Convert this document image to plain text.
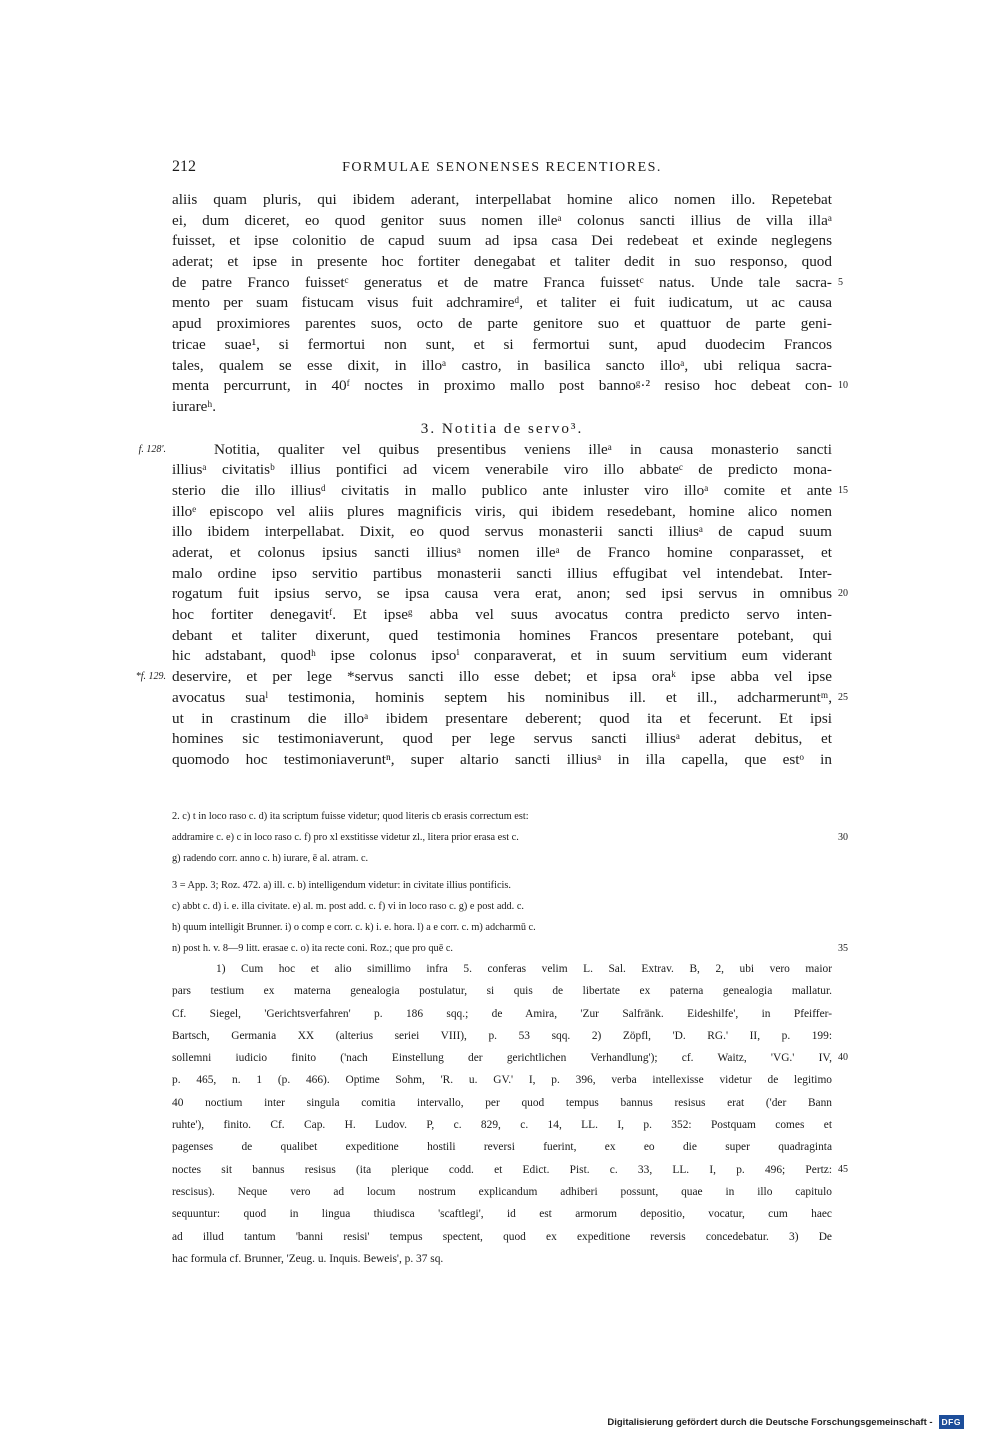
212	FORMULAE SENONENSES RECENTIORES.
aliis quam pluris, qui ibidem aderant, interpellabat homine alico nomen illo. Repetebat
ei, dum diceret, eo quod genitor suus nomen illeᵃ colonus sancti illius de villa illaᵃ
fuisset, et ipse colonitio de capud suum ad ipsa casa Dei redebeat et exinde neglegens
aderat; et ipse in presente hoc fortiter denegabat et taliter dedit in suo responso, quod
de patre Franco fuissetᶜ generatus et de matre Franca fuissetᶜ natus. Unde tale sacra- 5
mento per suam fistucam visus fuit adchramireᵈ, et taliter ei fuit iudicatum, ut ac causa
apud proximiores parentes suos, octo de parte genitore suo et quattuor de parte geni-
tricae suae¹, si fermortui non sunt, et si fermortui sunt, apud duodecim Francos
tales, qualem se esse dixit, in illoᵃ castro, in basilica sancto illoᵃ, ubi reliqua sacra-
menta percurrunt, in 40ᶠ noctes in proximo mallo post bannoᵍ·² resiso hoc debeat con- 10
iurareʰ.
3. Notitia de servo³.
Notitia, qualiter vel quibus presentibus veniens illeᵃ in causa monasterio sancti
f. 128'.
illiusᵃ civitatisᵇ illius pontifici ad vicem venerabile viro illo abbateᶜ de predicto mona-
sterio die illo illiusᵈ civitatis in mallo publico ante inluster viro illoᵃ comite et ante 15
illoᵉ episcopo vel aliis plures magnificis viris, qui ibidem resedebant, homine alico nomen
illo ibidem interpellabat. Dixit, eo quod servus monasterii sancti illiusᵃ de capud suum
aderat, et colonus ipsius sancti illiusᵃ nomen illeᵃ de Franco homine conparasset, et
malo ordine ipso servitio partibus monasterii sancti illius effugibat vel intendebat. Inter-
rogatum fuit ipsius servo, se ipsa causa vera erat, anon; sed ipsi servus in omnibus 20
hoc fortiter denegavitᶠ. Et ipseᵍ abba vel suus avocatus contra predicto servo inten-
debant et taliter dixerunt, qued testimonia homines Francos presentare potebant, qui
hic adstabant, quodʰ ipse colonus ipsoⁱ conparaverat, et in suum servitium eum viderant
deservire, et per lege *servus sancti illo esse debet; et ipsa oraᵏ ipse abba vel ipse
*f. 129.
avocatus suaˡ testimonia, hominis septem his nominibus ill. et ill., adcharmeruntᵐ, 25
ut in crastinum die illoᵃ ibidem presentare deberent; quod ita et fecerunt. Et ipsi
homines sic testimoniaverunt, quod per lege servus sancti illiusᵃ aderat debitus, et
quomodo hoc testimoniaveruntⁿ, super altario sancti illiusᵃ in illa capella, que estᵒ in
2. c) t in loco raso c. d) ita scriptum fuisse videtur; quod literis cb erasis correctum est:
addramire c. e) c in loco raso c. f) pro xl exstitisse videtur zl., litera prior erasa est c.	30
g) radendo corr. anno c. h) iurare, ē al. atram. c.
3 = App. 3; Roz. 472. a) ill. c. b) intelligendum videtur: in civitate illius pontificis.
c) abbt c. d) i. e. illa civitate. e) al. m. post add. c. f) vi in loco raso c. g) e post add. c.
h) quum intelligit Brunner. i) o comp e corr. c. k) i. e. hora. l) a e corr. c. m) adcharmū c.
n) post h. v. 8—9 litt. erasae c. o) ita recte coni. Roz.; que pro quē c.	35
1) Cum hoc et alio simillimo infra 5. conferas velim L. Sal. Extrav. B, 2, ubi vero maior
pars testium ex materna genealogia postulatur, si quis de libertate ex paterna genealogia mallatur.
Cf. Siegel, 'Gerichtsverfahren' p. 186 sqq.; de Amira, 'Zur Salfränk. Eideshilfe', in Pfeiffer-
Bartsch, Germania XX (alterius seriei VIII), p. 53 sqq. 2) Zöpfl, 'D. RG.' II, p. 199:
sollemni iudicio finito ('nach Einstellung der gerichtlichen Verhandlung'); cf. Waitz, 'VG.' IV, 40
p. 465, n. 1 (p. 466). Optime Sohm, 'R. u. GV.' I, p. 396, verba intellexisse videtur de legitimo
40 noctium inter singula comitia intervallo, per quod tempus bannus resisus erat ('der Bann
ruhte'), finito. Cf. Cap. H. Ludov. P, c. 829, c. 14, LL. I, p. 352: Postquam comes et
pagenses de qualibet expeditione hostili reversi fuerint, ex eo die super quadraginta
noctes sit bannus resisus (ita plerique codd. et Edict. Pist. c. 33, LL. I, p. 496; Pertz: 45
rescisus). Neque vero ad locum nostrum explicandum adhiberi possunt, quae in illo capitulo
sequuntur: quod in lingua thiudisca 'scaftlegi', id est armorum depositio, vocatur, cum haec
ad illud tantum 'banni resisi' tempus spectent, quod ex expeditione reversis concedebatur. 3) De
hac formula cf. Brunner, 'Zeug. u. Inquis. Beweis', p. 37 sq.
Digitalisierung gefördert durch die Deutsche Forschungsgemeinschaft -	DFG
